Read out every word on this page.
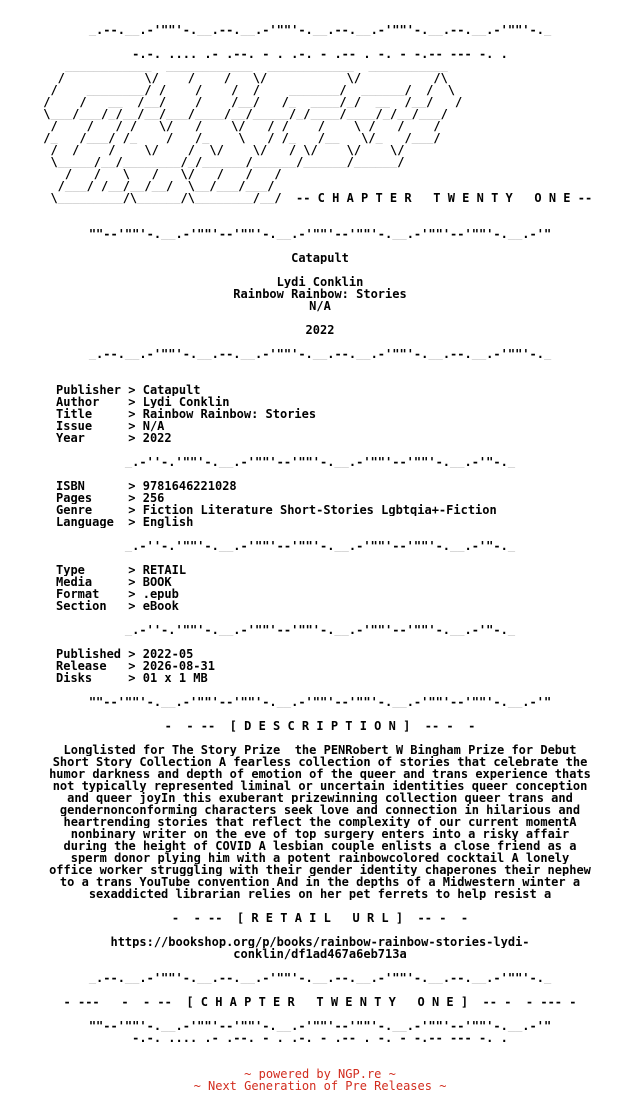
_.--.__.-'""'-.__.--.__.-'""'-.__.--.__.-'""'-.__.--.__.-'""'-._
-.-. .... .- .--. - . .-. - .-- . -. - -.-- --- -. .
____________  ____________  ____________  ___________
/           \/    /    /   \/           \/          /\
/    ________/ /    /    /  /    _______/  ______/  /  \
/    /   __  /__/    /    /__/   /_  ____/_/  __  /__/   /
\___/___/_/__/__/___/____/__/_____/_/____/____/_/__/___/
/    /   / /   \/   /    \/   / /    /    \ /   /    /
/_   /___/ /_    /   /_    \   / /_   /__   \/_   /___/
/  /    /    \/    /  \/    \/   / \/    \/    \/
\_____/__/________/_/______/______/______/______/
/   /   \   /   \/   /   /   /
/___/ /__/__/__/  \__/___/___/
\_________/\______/\________/__/	-- C H A P T E R   T W E N T Y   O N E --
""--'""'-.__.-'""'--'""'-.__.-'""'--'""'-.__.-'""'--'""'-.__.-'"
Catapult
Lydi Conklin
Rainbow Rainbow: Stories
N/A
2022
_.--.__.-'""'-.__.--.__.-'""'-.__.--.__.-'""'-.__.--.__.-'""'-._
Publisher > Catapult
Author    > Lydi Conklin
Title     > Rainbow Rainbow: Stories
Issue     > N/A
Year      > 2022
_.-''-.'""'-.__.-'""'--'""'-.__.-'""'--'""'-.__.-'"-._
ISBN      > 9781646221028
Pages     > 256
Genre     > Fiction Literature Short-Stories Lgbtqia+-Fiction
Language  > English
_.-''-.'""'-.__.-'""'--'""'-.__.-'""'--'""'-.__.-'"-._
Type      > RETAIL
Media     > BOOK
Format    > .epub
Section   > eBook
_.-''-.'""'-.__.-'""'--'""'-.__.-'""'--'""'-.__.-'"-._
Published > 2022-05
Release   > 2026-08-31
Disks     > 01 x 1 MB
""--'""'-.__.-'""'--'""'-.__.-'""'--'""'-.__.-'""'--'""'-.__.-'"
-  - --  [ D E S C R I P T I O N ]  -- -  -
Longlisted for The Story Prize  the PENRobert W Bingham Prize for Debut
Short Story Collection A fearless collection of stories that celebrate the
humor darkness and depth of emotion of the queer and trans experience thats
not typically represented liminal or uncertain identities queer conception
and queer joyIn this exuberant prizewinning collection queer trans and
gendernonconforming characters seek love and connection in hilarious and
heartrending stories that reflect the complexity of our current momentA
nonbinary writer on the eve of top surgery enters into a risky affair
during the height of COVID A lesbian couple enlists a close friend as a
sperm donor plying him with a potent rainbowcolored cocktail A lonely
office worker struggling with their gender identity chaperones their nephew
to a trans YouTube convention And in the depths of a Midwestern winter a
sexaddicted librarian relies on her pet ferrets to help resist a
-  - --  [ R E T A I L   U R L ]  -- -  -
https://bookshop.org/p/books/rainbow-rainbow-stories-lydi-
conklin/df1ad467a6eb713a
_.--.__.-'""'-.__.--.__.-'""'-.__.--.__.-'""'-.__.--.__.-'""'-._
- ---   -  - --  [ C H A P T E R   T W E N T Y   O N E ]  -- -  - --- -
""--'""'-.__.-'""'--'""'-.__.-'""'--'""'-.__.-'""'--'""'-.__.-'"
-.-. .... .- .--. - . .-. - .-- . -. - -.-- --- -. .
~ powered by NGP.re ~
~ Next Generation of Pre Releases ~
